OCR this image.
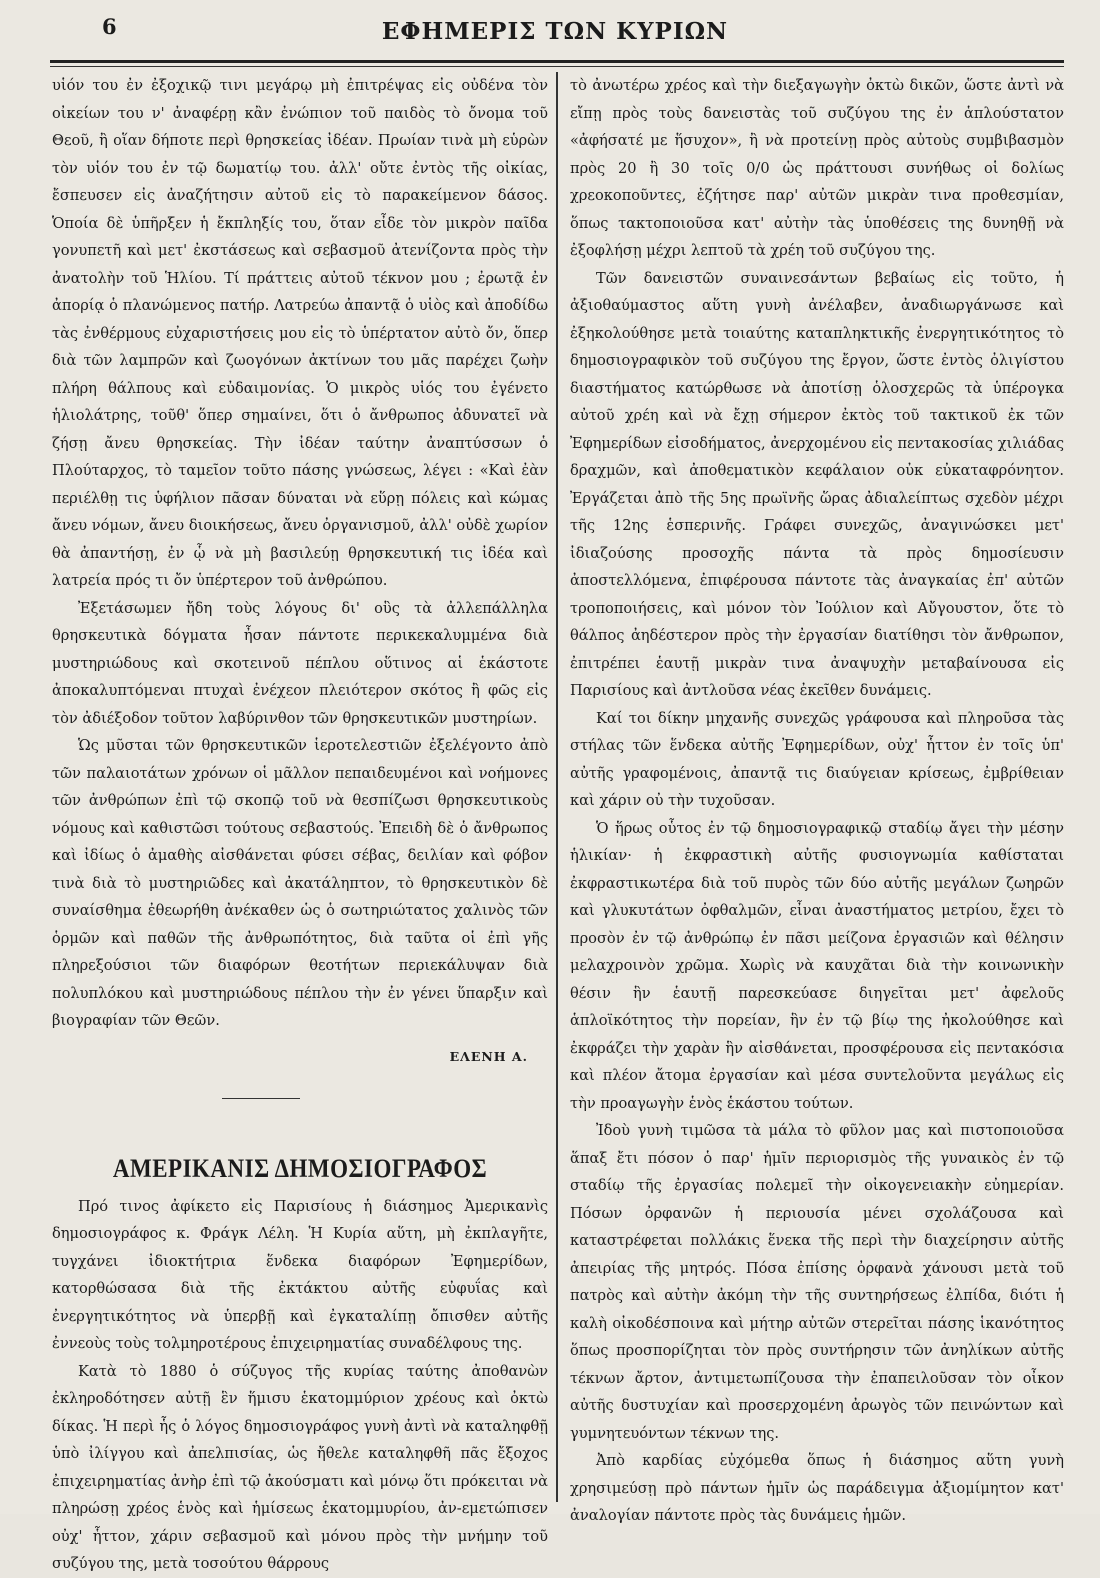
6	ΕΦΗΜΕΡΙΣ ΤΩΝ ΚΥΡΙΩΝ

υἱόν του ἐν ἐξοχικῷ τινι μεγάρῳ μὴ ἐπιτρέψας εἰς οὐδένα τὸν οἰκείων του ν' ἀναφέρῃ κἂν ἐνώπιον τοῦ παιδὸς τὸ ὄνομα τοῦ Θεοῦ, ἢ οἵαν δήποτε περὶ θρησκείας ἰδέαν. Πρωίαν τινὰ μὴ εὑρὼν τὸν υἱόν του ἐν τῷ δωματίῳ του. ἀλλ' οὔτε ἐντὸς τῆς οἰκίας, ἔσπευσεν εἰς ἀναζήτησιν αὐτοῦ εἰς τὸ παρακείμενον δάσος. Ὁποία δὲ ὑπῆρξεν ἡ ἔκπληξίς του, ὅταν εἶδε τὸν μικρὸν παῖδα γονυπετῆ καὶ μετ' ἐκστάσεως καὶ σεβασμοῦ ἀτενίζοντα πρὸς τὴν ἀνατολὴν τοῦ Ἡλίου. Τί πράττεις αὐτοῦ τέκνον μου ; ἐρωτᾷ ἐν ἀπορίᾳ ὁ πλανώμενος πατήρ. Λατρεύω ἀπαντᾷ ὁ υἱὸς καὶ ἀποδίδω τὰς ἐνθέρμους εὐχαριστήσεις μου εἰς τὸ ὑπέρτατον αὐτὸ ὄν, ὅπερ διὰ τῶν λαμπρῶν καὶ ζωογόνων ἀκτίνων του μᾶς παρέχει ζωὴν πλήρη θάλπους καὶ εὐδαιμονίας. Ὁ μικρὸς υἱός του ἐγένετο ἡλιολάτρης, τοῦθ' ὅπερ σημαίνει, ὅτι ὁ ἄνθρωπος ἀδυνατεῖ νὰ ζήσῃ ἄνευ θρησκείας. Τὴν ἰδέαν ταύτην ἀναπτύσσων ὁ Πλούταρχος, τὸ ταμεῖον τοῦτο πάσης γνώσεως, λέγει : «Καὶ ἐὰν περιέλθῃ τις ὑφήλιον πᾶσαν δύναται νὰ εὕρῃ πόλεις καὶ κώμας ἄνευ νόμων, ἄνευ διοικήσεως, ἄνευ ὀργανισμοῦ, ἀλλ' οὐδὲ χωρίον θὰ ἀπαντήσῃ, ἐν ᾧ νὰ μὴ βασιλεύῃ θρησκευτική τις ἰδέα καὶ λατρεία πρός τι ὄν ὑπέρτερον τοῦ ἀνθρώπου.

Ἐξετάσωμεν ἤδη τοὺς λόγους δι' οὓς τὰ ἀλλεπάλληλα θρησκευτικὰ δόγματα ἦσαν πάντοτε περικεκαλυμμένα διὰ μυστηριώδους καὶ σκοτεινοῦ πέπλου οὕτινος αἱ ἑκάστοτε ἀποκαλυπτόμεναι πτυχαὶ ἐνέχεον πλειότερον σκότος ἢ φῶς εἰς τὸν ἀδιέξοδον τοῦτον λαβύρινθον τῶν θρησκευτικῶν μυστηρίων.

Ὡς μῦσται τῶν θρησκευτικῶν ἱεροτελεστιῶν ἐξελέγοντο ἀπὸ τῶν παλαιοτάτων χρόνων οἱ μᾶλλον πεπαιδευμένοι καὶ νοήμονες τῶν ἀνθρώπων ἐπὶ τῷ σκοπῷ τοῦ νὰ θεσπίζωσι θρησκευτικοὺς νόμους καὶ καθιστῶσι τούτους σεβαστούς. Ἐπειδὴ δὲ ὁ ἄνθρωπος καὶ ἰδίως ὁ ἀμαθὴς αἰσθάνεται φύσει σέβας, δειλίαν καὶ φόβον τινὰ διὰ τὸ μυστηριῶδες καὶ ἀκατάληπτον, τὸ θρησκευτικὸν δὲ συναίσθημα ἐθεωρήθη ἀνέκαθεν ὡς ὁ σωτηριώτατος χαλινὸς τῶν ὁρμῶν καὶ παθῶν τῆς ἀνθρωπότητος, διὰ ταῦτα οἱ ἐπὶ γῆς πληρεξούσιοι τῶν διαφόρων θεοτήτων περιεκάλυψαν διὰ πολυπλόκου καὶ μυστηριώδους πέπλου τὴν ἐν γένει ὕπαρξιν καὶ βιογραφίαν τῶν Θεῶν.

ΕΛΕΝΗ Α.
ΑΜΕΡΙΚΑΝΙΣ ΔΗΜΟΣΙΟΓΡΑΦΟΣ

Πρό τινος ἀφίκετο εἰς Παρισίους ἡ διάσημος Ἀμερικανὶς δημοσιογράφος κ. Φράγκ Λέλη. Ἡ Κυρία αὕτη, μὴ ἐκπλαγῆτε, τυγχάνει ἰδιοκτήτρια ἕνδεκα διαφόρων Ἐφημερίδων, κατορθώσασα διὰ τῆς ἐκτάκτου αὐτῆς εὐφυΐας καὶ ἐνεργητικότητος νὰ ὑπερβῇ καὶ ἐγκαταλίπῃ ὄπισθεν αὐτῆς ἐννεοὺς τοὺς τολμηροτέρους ἐπιχειρηματίας συναδέλφους της.

Κατὰ τὸ 1880 ὁ σύζυγος τῆς κυρίας ταύτης ἀποθανὼν ἐκληροδότησεν αὐτῇ ἓν ἥμισυ ἑκατομμύριον χρέους καὶ ὀκτὼ δίκας. Ἡ περὶ ἧς ὁ λόγος δημοσιογράφος γυνὴ ἀντὶ νὰ καταληφθῇ ὑπὸ ἰλίγγου καὶ ἀπελπισίας, ὡς ἤθελε καταληφθῆ πᾶς ἔξοχος ἐπιχειρηματίας ἀνὴρ ἐπὶ τῷ ἀκούσματι καὶ μόνῳ ὅτι πρόκειται νὰ πληρώσῃ χρέος ἑνὸς καὶ ἡμίσεως ἑκατομμυρίου, ἀν-εμετώπισεν οὐχ' ἧττον, χάριν σεβασμοῦ καὶ μόνου πρὸς τὴν μνήμην τοῦ συζύγου της, μετὰ τοσούτου θάρρους

τὸ ἀνωτέρω χρέος καὶ τὴν διεξαγωγὴν ὀκτὼ δικῶν, ὥστε ἀντὶ νὰ εἴπῃ πρὸς τοὺς δανειστὰς τοῦ συζύγου της ἐν ἁπλούστατον «ἀφήσατέ με ἥσυχον», ἢ νὰ προτείνῃ πρὸς αὐτοὺς συμβιβασμὸν πρὸς 20 ἢ 30 τοῖς 0/0 ὡς πράττουσι συνήθως οἱ δολίως χρεοκοποῦντες, ἐζήτησε παρ' αὐτῶν μικρὰν τινα προθεσμίαν, ὅπως τακτοποιοῦσα κατ' αὐτὴν τὰς ὑποθέσεις της δυνηθῇ νὰ ἐξοφλήσῃ μέχρι λεπτοῦ τὰ χρέη τοῦ συζύγου της.

Τῶν δανειστῶν συναινεσάντων βεβαίως εἰς τοῦτο, ἡ ἀξιοθαύμαστος αὕτη γυνὴ ἀνέλαβεν, ἀναδιωργάνωσε καὶ ἐξηκολούθησε μετὰ τοιαύτης καταπληκτικῆς ἐνεργητικότητος τὸ δημοσιογραφικὸν τοῦ συζύγου της ἔργον, ὥστε ἐντὸς ὀλιγίστου διαστήματος κατώρθωσε νὰ ἀποτίσῃ ὁλοσχερῶς τὰ ὑπέρογκα αὐτοῦ χρέη καὶ νὰ ἔχῃ σήμερον ἐκτὸς τοῦ τακτικοῦ ἐκ τῶν Ἐφημερίδων εἰσοδήματος, ἀνερχομένου εἰς πεντακοσίας χιλιάδας δραχμῶν, καὶ ἀποθεματικὸν κεφάλαιον οὐκ εὐκαταφρόνητον. Ἐργάζεται ἀπὸ τῆς 5ης πρωϊνῆς ὥρας ἀδιαλείπτως σχεδὸν μέχρι τῆς 12ης ἑσπερινῆς. Γράφει συνεχῶς, ἀναγινώσκει μετ' ἰδιαζούσης προσοχῆς πάντα τὰ πρὸς δημοσίευσιν ἀποστελλόμενα, ἐπιφέρουσα πάντοτε τὰς ἀναγκαίας ἐπ' αὐτῶν τροποποιήσεις, καὶ μόνον τὸν Ἰούλιον καὶ Αὔγουστον, ὅτε τὸ θάλπος ἀηδέστερον πρὸς τὴν ἐργασίαν διατίθησι τὸν ἄνθρωπον, ἐπιτρέπει ἑαυτῇ μικρὰν τινα ἀναψυχὴν μεταβαίνουσα εἰς Παρισίους καὶ ἀντλοῦσα νέας ἐκεῖθεν δυνάμεις.

Καί τοι δίκην μηχανῆς συνεχῶς γράφουσα καὶ πληροῦσα τὰς στήλας τῶν ἕνδεκα αὐτῆς Ἐφημερίδων, οὐχ' ἧττον ἐν τοῖς ὑπ' αὐτῆς γραφομένοις, ἀπαντᾷ τις διαύγειαν κρίσεως, ἐμβρίθειαν καὶ χάριν οὐ τὴν τυχοῦσαν.

Ὁ ἥρως οὗτος ἐν τῷ δημοσιογραφικῷ σταδίῳ ἄγει τὴν μέσην ἡλικίαν· ἡ ἐκφραστικὴ αὐτῆς φυσιογνωμία καθίσταται ἐκφραστικωτέρα διὰ τοῦ πυρὸς τῶν δύο αὐτῆς μεγάλων ζωηρῶν καὶ γλυκυτάτων ὀφθαλμῶν, εἶναι ἀναστήματος μετρίου, ἔχει τὸ προσὸν ἐν τῷ ἀνθρώπῳ ἐν πᾶσι μείζονα ἐργασιῶν καὶ θέλησιν μελαχροινὸν χρῶμα. Χωρὶς νὰ καυχᾶται διὰ τὴν κοινωνικὴν θέσιν ἣν ἑαυτῇ παρεσκεύασε διηγεῖται μετ' ἀφελοῦς ἁπλοϊκότητος τὴν πορείαν, ἣν ἐν τῷ βίῳ της ἠκολούθησε καὶ ἐκφράζει τὴν χαρὰν ἣν αἰσθάνεται, προσφέρουσα εἰς πεντακόσια καὶ πλέον ἄτομα ἐργασίαν καὶ μέσα συντελοῦντα μεγάλως εἰς τὴν προαγωγὴν ἑνὸς ἑκάστου τούτων.

Ἰδοὺ γυνὴ τιμῶσα τὰ μάλα τὸ φῦλον μας καὶ πιστοποιοῦσα ἅπαξ ἔτι πόσον ὁ παρ' ἡμῖν περιορισμὸς τῆς γυναικὸς ἐν τῷ σταδίῳ τῆς ἐργασίας πολεμεῖ τὴν οἰκογενειακὴν εὐημερίαν. Πόσων ὀρφανῶν ἡ περιουσία μένει σχολάζουσα καὶ καταστρέφεται πολλάκις ἕνεκα τῆς περὶ τὴν διαχείρησιν αὐτῆς ἀπειρίας τῆς μητρός. Πόσα ἐπίσης ὀρφανὰ χάνουσι μετὰ τοῦ πατρὸς καὶ αὐτὴν ἀκόμη τὴν τῆς συντηρήσεως ἐλπίδα, διότι ἡ καλὴ οἰκοδέσποινα καὶ μήτηρ αὐτῶν στερεῖται πάσης ἱκανότητος ὅπως προσπορίζηται τὸν πρὸς συντήρησιν τῶν ἀνηλίκων αὐτῆς τέκνων ἄρτον, ἀντιμετωπίζουσα τὴν ἐπαπειλοῦσαν τὸν οἶκον αὐτῆς δυστυχίαν καὶ προσερχομένη ἀρωγὸς τῶν πεινώντων καὶ γυμνητευόντων τέκνων της.

Ἀπὸ καρδίας εὐχόμεθα ὅπως ἡ διάσημος αὕτη γυνὴ χρησιμεύσῃ πρὸ πάντων ἡμῖν ὡς παράδειγμα ἀξιομίμητον κατ' ἀναλογίαν πάντοτε πρὸς τὰς δυνάμεις ἡμῶν.
